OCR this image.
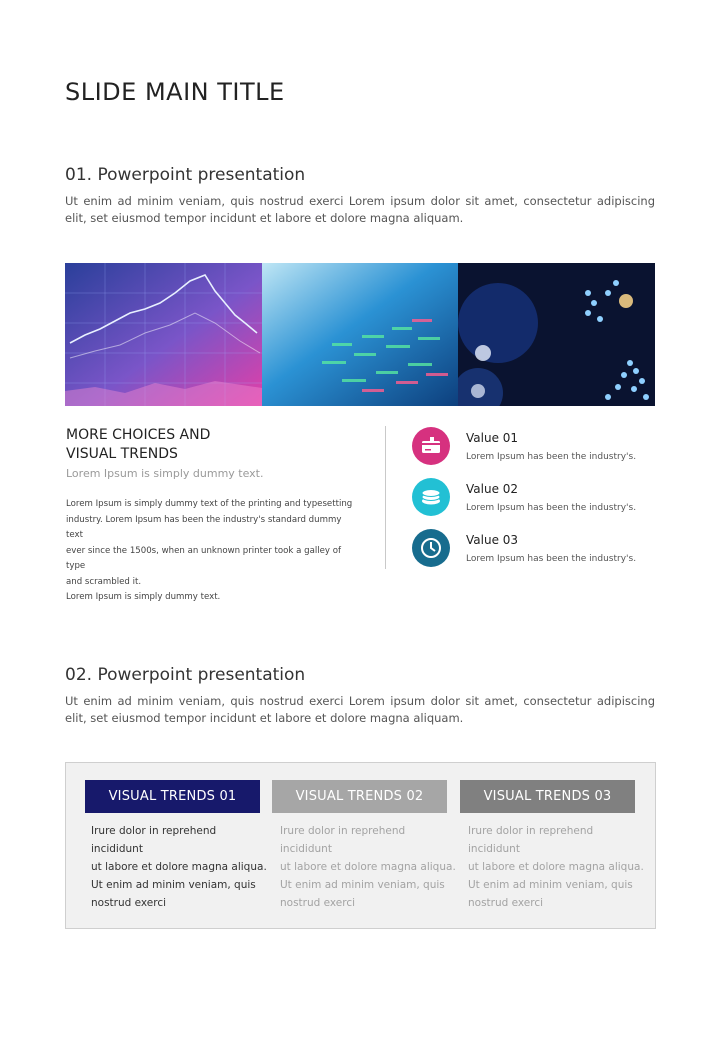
SLIDE MAIN TITLE
01. Powerpoint presentation
Ut enim ad minim veniam, quis nostrud exerci Lorem ipsum dolor sit amet, consectetur adipiscing elit, set eiusmod tempor incidunt et labore et dolore magna aliquam.
MORE CHOICES AND
VISUAL TRENDS
Lorem Ipsum is simply dummy text.
Lorem Ipsum is simply dummy text of the printing and typesetting
industry. Lorem Ipsum has been the industry's standard dummy text
ever since the 1500s, when an unknown printer took a galley of type
and scrambled it.
Lorem Ipsum is simply dummy text.
Value 01
Lorem Ipsum has been the industry's.
Value 02
Lorem Ipsum has been the industry's.
Value 03
Lorem Ipsum has been the industry's.
02. Powerpoint presentation
Ut enim ad minim veniam, quis nostrud exerci Lorem ipsum dolor sit amet, consectetur adipiscing elit, set eiusmod tempor incidunt et labore et dolore magna aliquam.
VISUAL TRENDS 01	VISUAL TRENDS 02	VISUAL TRENDS 03
Irure dolor in reprehend incididunt
ut labore et dolore magna aliqua.
Ut enim ad minim veniam, quis
nostrud exerci
Irure dolor in reprehend incididunt
ut labore et dolore magna aliqua.
Ut enim ad minim veniam, quis
nostrud exerci
Irure dolor in reprehend incididunt
ut labore et dolore magna aliqua.
Ut enim ad minim veniam, quis
nostrud exerci
